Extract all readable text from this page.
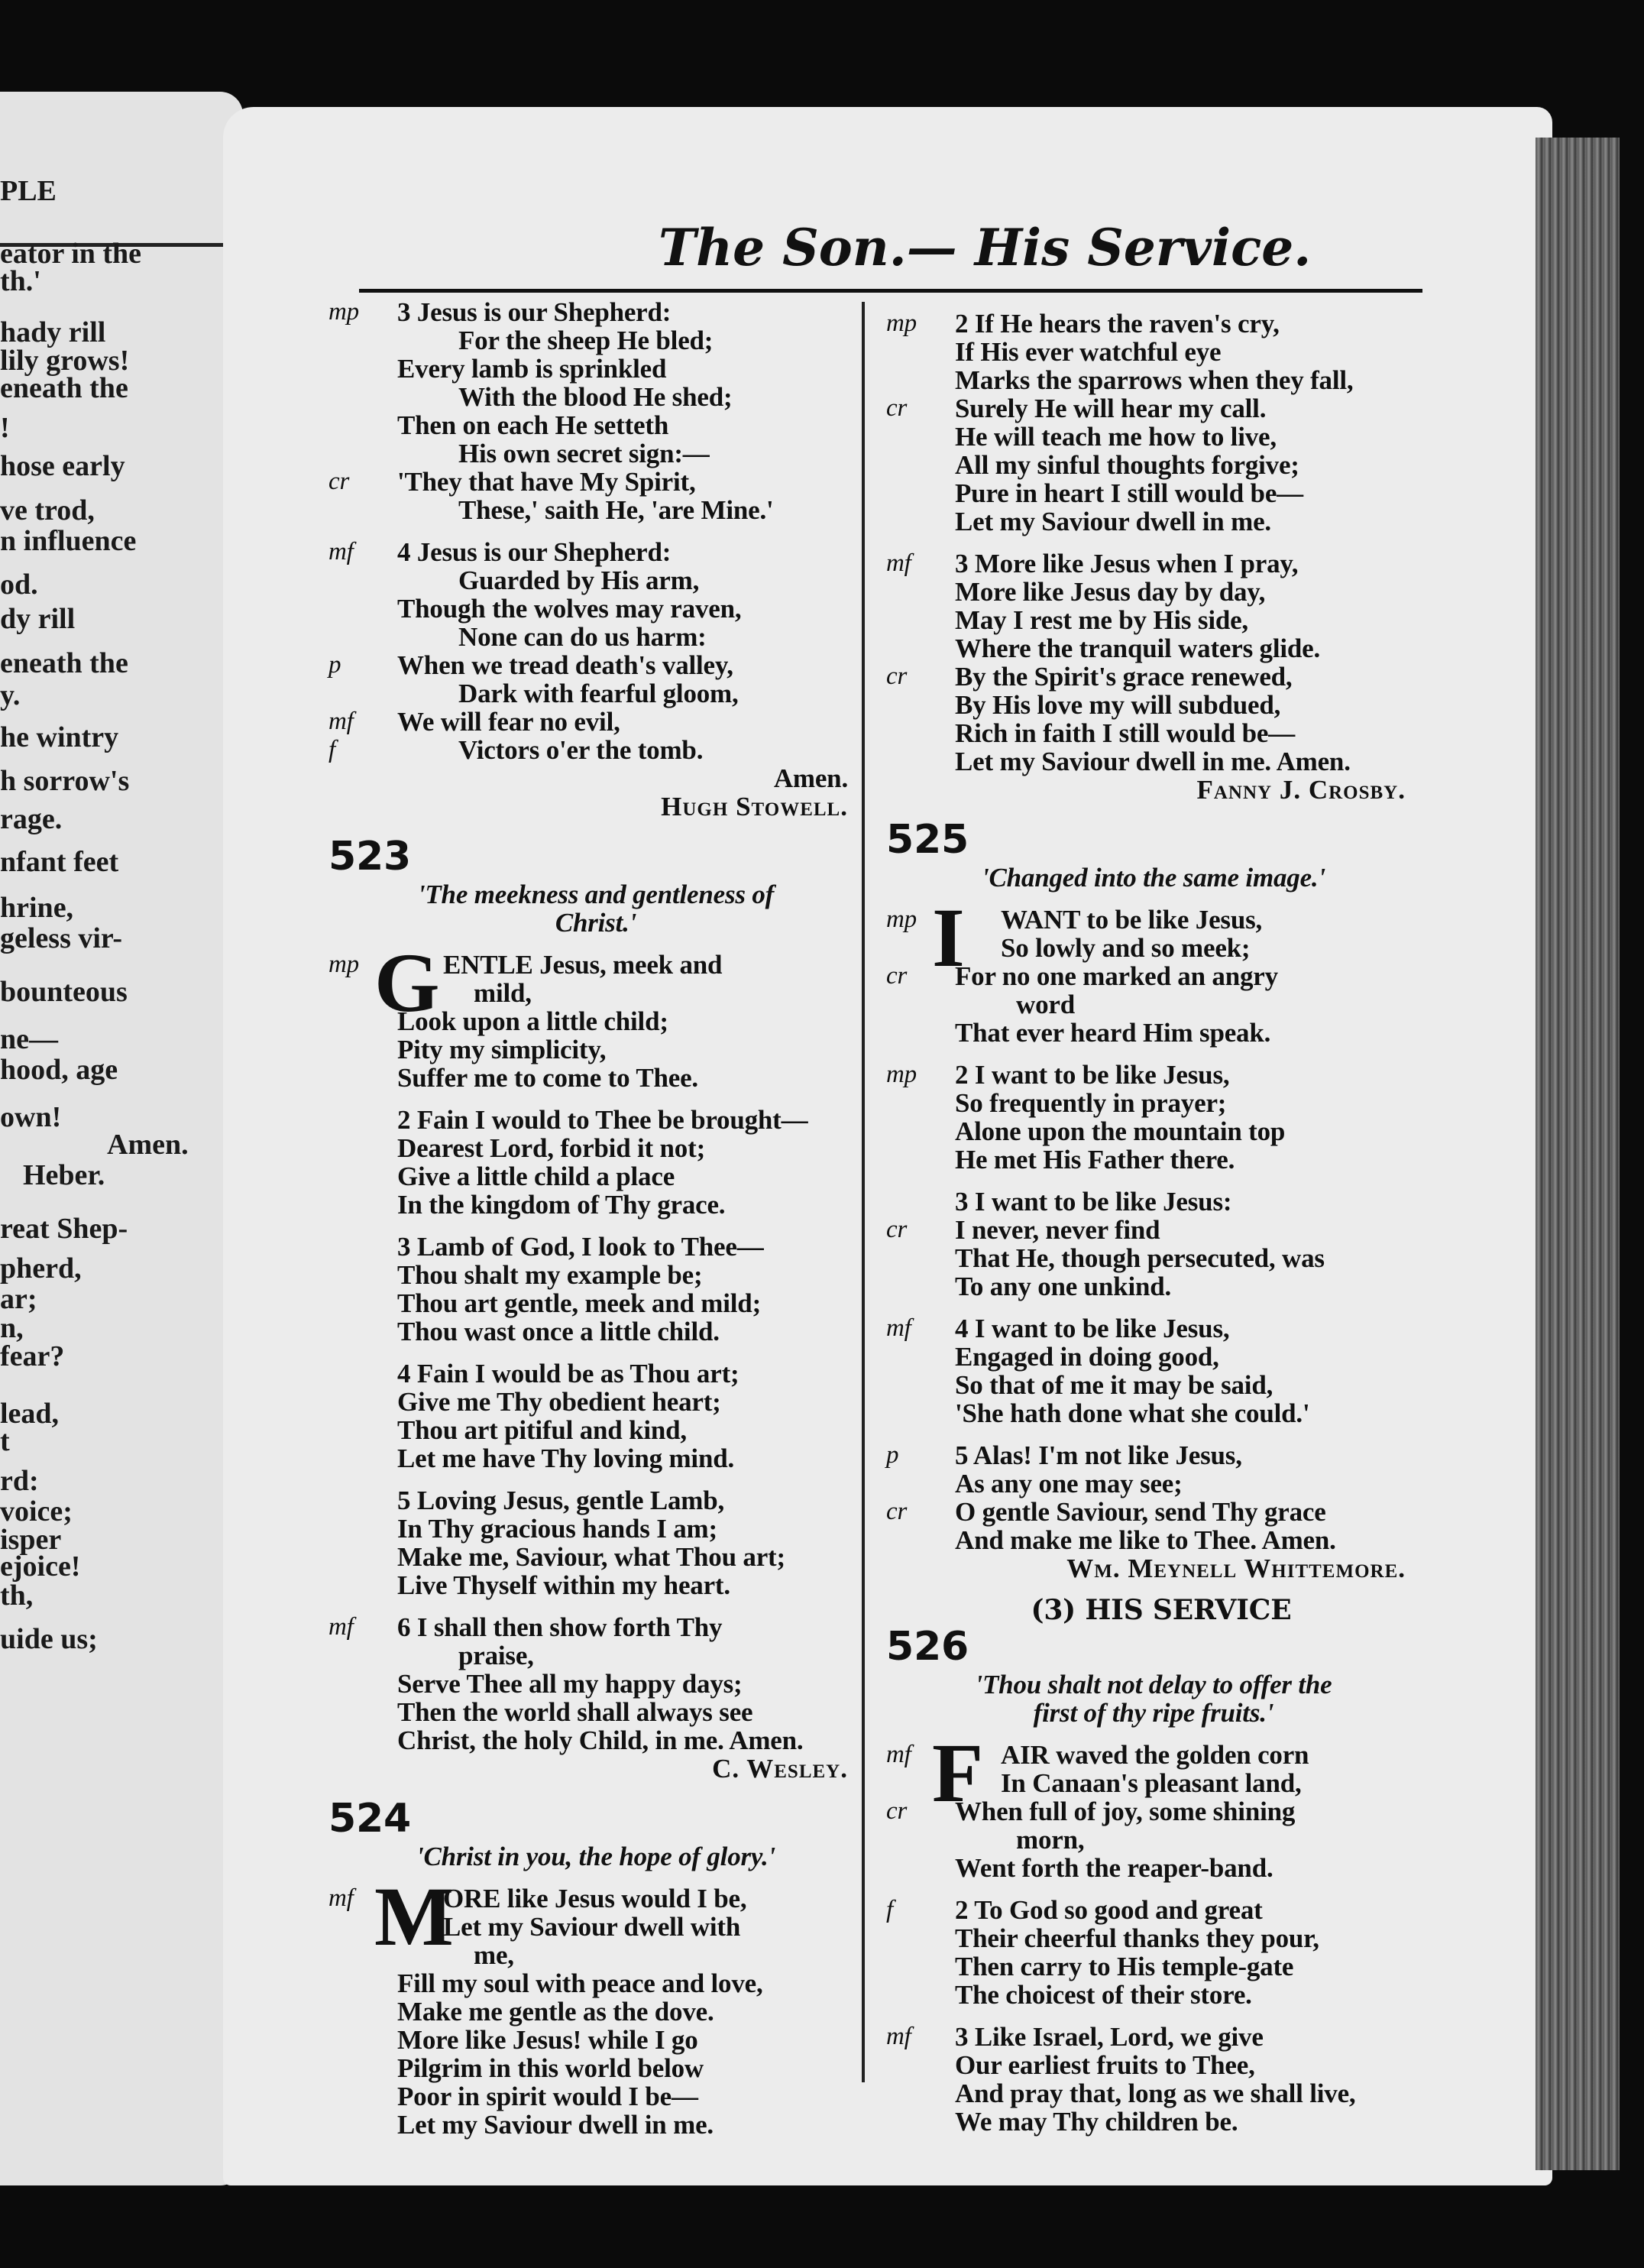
PLE
eator in the
th.'
hady rill
lily grows!
eneath the
!
hose early
ve trod,
n influence
od.
dy rill
eneath the
y.
he wintry
h sorrow's
rage.
nfant feet
hrine,
geless vir-
bounteous
ne—
hood, age
own!
Amen.
Heber.
reat Shep-
pherd,
ar;
n,
fear?
lead,
t
rd:
voice;
isper
ejoice!
th,
uide us;
The Son.— His Service.
mp 3 Jesus is our Shepherd:
For the sheep He bled;
Every lamb is sprinkled
With the blood He shed;
Then on each He setteth
His own secret sign:—
cr 'They that have My Spirit,
These,' saith He, 'are Mine.'
mf 4 Jesus is our Shepherd:
Guarded by His arm,
Though the wolves may raven,
None can do us harm:
p When we tread death's valley,
Dark with fearful gloom,
mf We will fear no evil,
f	Victors o'er the tomb.
Amen.
Hugh Stowell.
523
'The meekness and gentleness of
Christ.'
mp G ENTLE Jesus, meek and
mild,
Look upon a little child;
Pity my simplicity,
Suffer me to come to Thee.
2 Fain I would to Thee be brought—
Dearest Lord, forbid it not;
Give a little child a place
In the kingdom of Thy grace.
3 Lamb of God, I look to Thee—
Thou shalt my example be;
Thou art gentle, meek and mild;
Thou wast once a little child.
4 Fain I would be as Thou art;
Give me Thy obedient heart;
Thou art pitiful and kind,
Let me have Thy loving mind.
5 Loving Jesus, gentle Lamb,
In Thy gracious hands I am;
Make me, Saviour, what Thou art;
Live Thyself within my heart.
mf 6 I shall then show forth Thy
praise,
Serve Thee all my happy days;
Then the world shall always see
Christ, the holy Child, in me. Amen.
C. Wesley.
524
'Christ in you, the hope of glory.'
mf M
ORE like Jesus would I be,
Let my Saviour dwell with
me,
Fill my soul with peace and love,
Make me gentle as the dove.
More like Jesus! while I go
Pilgrim in this world below
Poor in spirit would I be—
Let my Saviour dwell in me.
mp 2 If He hears the raven's cry,
If His ever watchful eye
Marks the sparrows when they fall,
cr Surely He will hear my call.
He will teach me how to live,
All my sinful thoughts forgive;
Pure in heart I still would be—
Let my Saviour dwell in me.
mf 3 More like Jesus when I pray,
More like Jesus day by day,
May I rest me by His side,
Where the tranquil waters glide.
cr By the Spirit's grace renewed,
By His love my will subdued,
Rich in faith I still would be—
Let my Saviour dwell in me. Amen.
Fanny J. Crosby.
525
'Changed into the same image.'
mp I WANT to be like Jesus,
So lowly and so meek;
cr For no one marked an angry
word
That ever heard Him speak.
mp 2 I want to be like Jesus,
So frequently in prayer;
Alone upon the mountain top
He met His Father there.
3 I want to be like Jesus:
cr I never, never find
That He, though persecuted, was
To any one unkind.
mf 4 I want to be like Jesus,
Engaged in doing good,
So that of me it may be said,
'She hath done what she could.'
p 5 Alas! I'm not like Jesus,
As any one may see;
cr O gentle Saviour, send Thy grace
And make me like to Thee. Amen.
Wm. Meynell Whittemore.
(3) HIS SERVICE
526
'Thou shalt not delay to offer the
first of thy ripe fruits.'
mf F AIR waved the golden corn
In Canaan's pleasant land,
cr When full of joy, some shining
morn,
Went forth the reaper-band.
f 2 To God so good and great
Their cheerful thanks they pour,
Then carry to His temple-gate
The choicest of their store.
mf 3 Like Israel, Lord, we give
Our earliest fruits to Thee,
And pray that, long as we shall live,
We may Thy children be.
